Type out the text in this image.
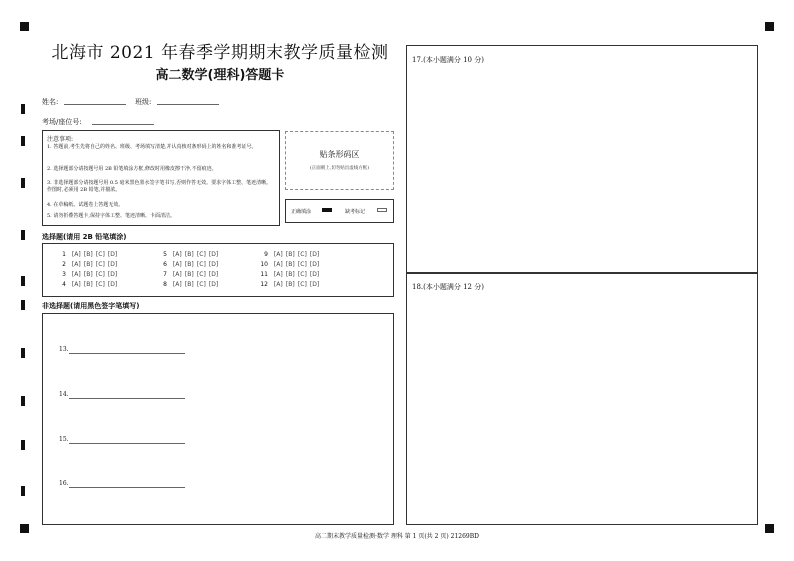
北海市 2021 年春季学期期末教学质量检测
高二数学(理科)答题卡
姓名:	班级:
考场/座位号:
注意事项:
1. 答题前,考生先将自己的姓名、班级、考场填写清楚,并认真核对条形码上的姓名和准考证号。
2. 选择题部分请按题号用 2B 铅笔填涂方框,修改时用橡皮擦干净,不留痕迹。
3. 非选择题部分请按题号用 0.5 毫米黑色墨水签字笔书写,否则作答无效。要求字体工整、笔迹清晰。作图时,必须用 2B 铅笔,并描浓。
4. 在草稿纸、试题卷上答题无效。
5. 请勿折叠答题卡,保持字体工整、笔迹清晰、卡面清洁。
贴条形码区
(正面朝上,切勿贴出虚线方框)
正确填涂	缺考标记
选择题(请用 2B 铅笔填涂)
1 [A] [B] [C] [D]
2 [A] [B] [C] [D]
3 [A] [B] [C] [D]
4 [A] [B] [C] [D]
5 [A] [B] [C] [D]
6 [A] [B] [C] [D]
7 [A] [B] [C] [D]
8 [A] [B] [C] [D]
9 [A] [B] [C] [D]
10 [A] [B] [C] [D]
11 [A] [B] [C] [D]
12 [A] [B] [C] [D]
非选择题(请用黑色签字笔填写)
13.
14.
15.
16.
17.(本小题满分 10 分)
18.(本小题满分 12 分)
高二期末教学质量检测·数学 理科 第 1 页(共 2 页) 21269BD
